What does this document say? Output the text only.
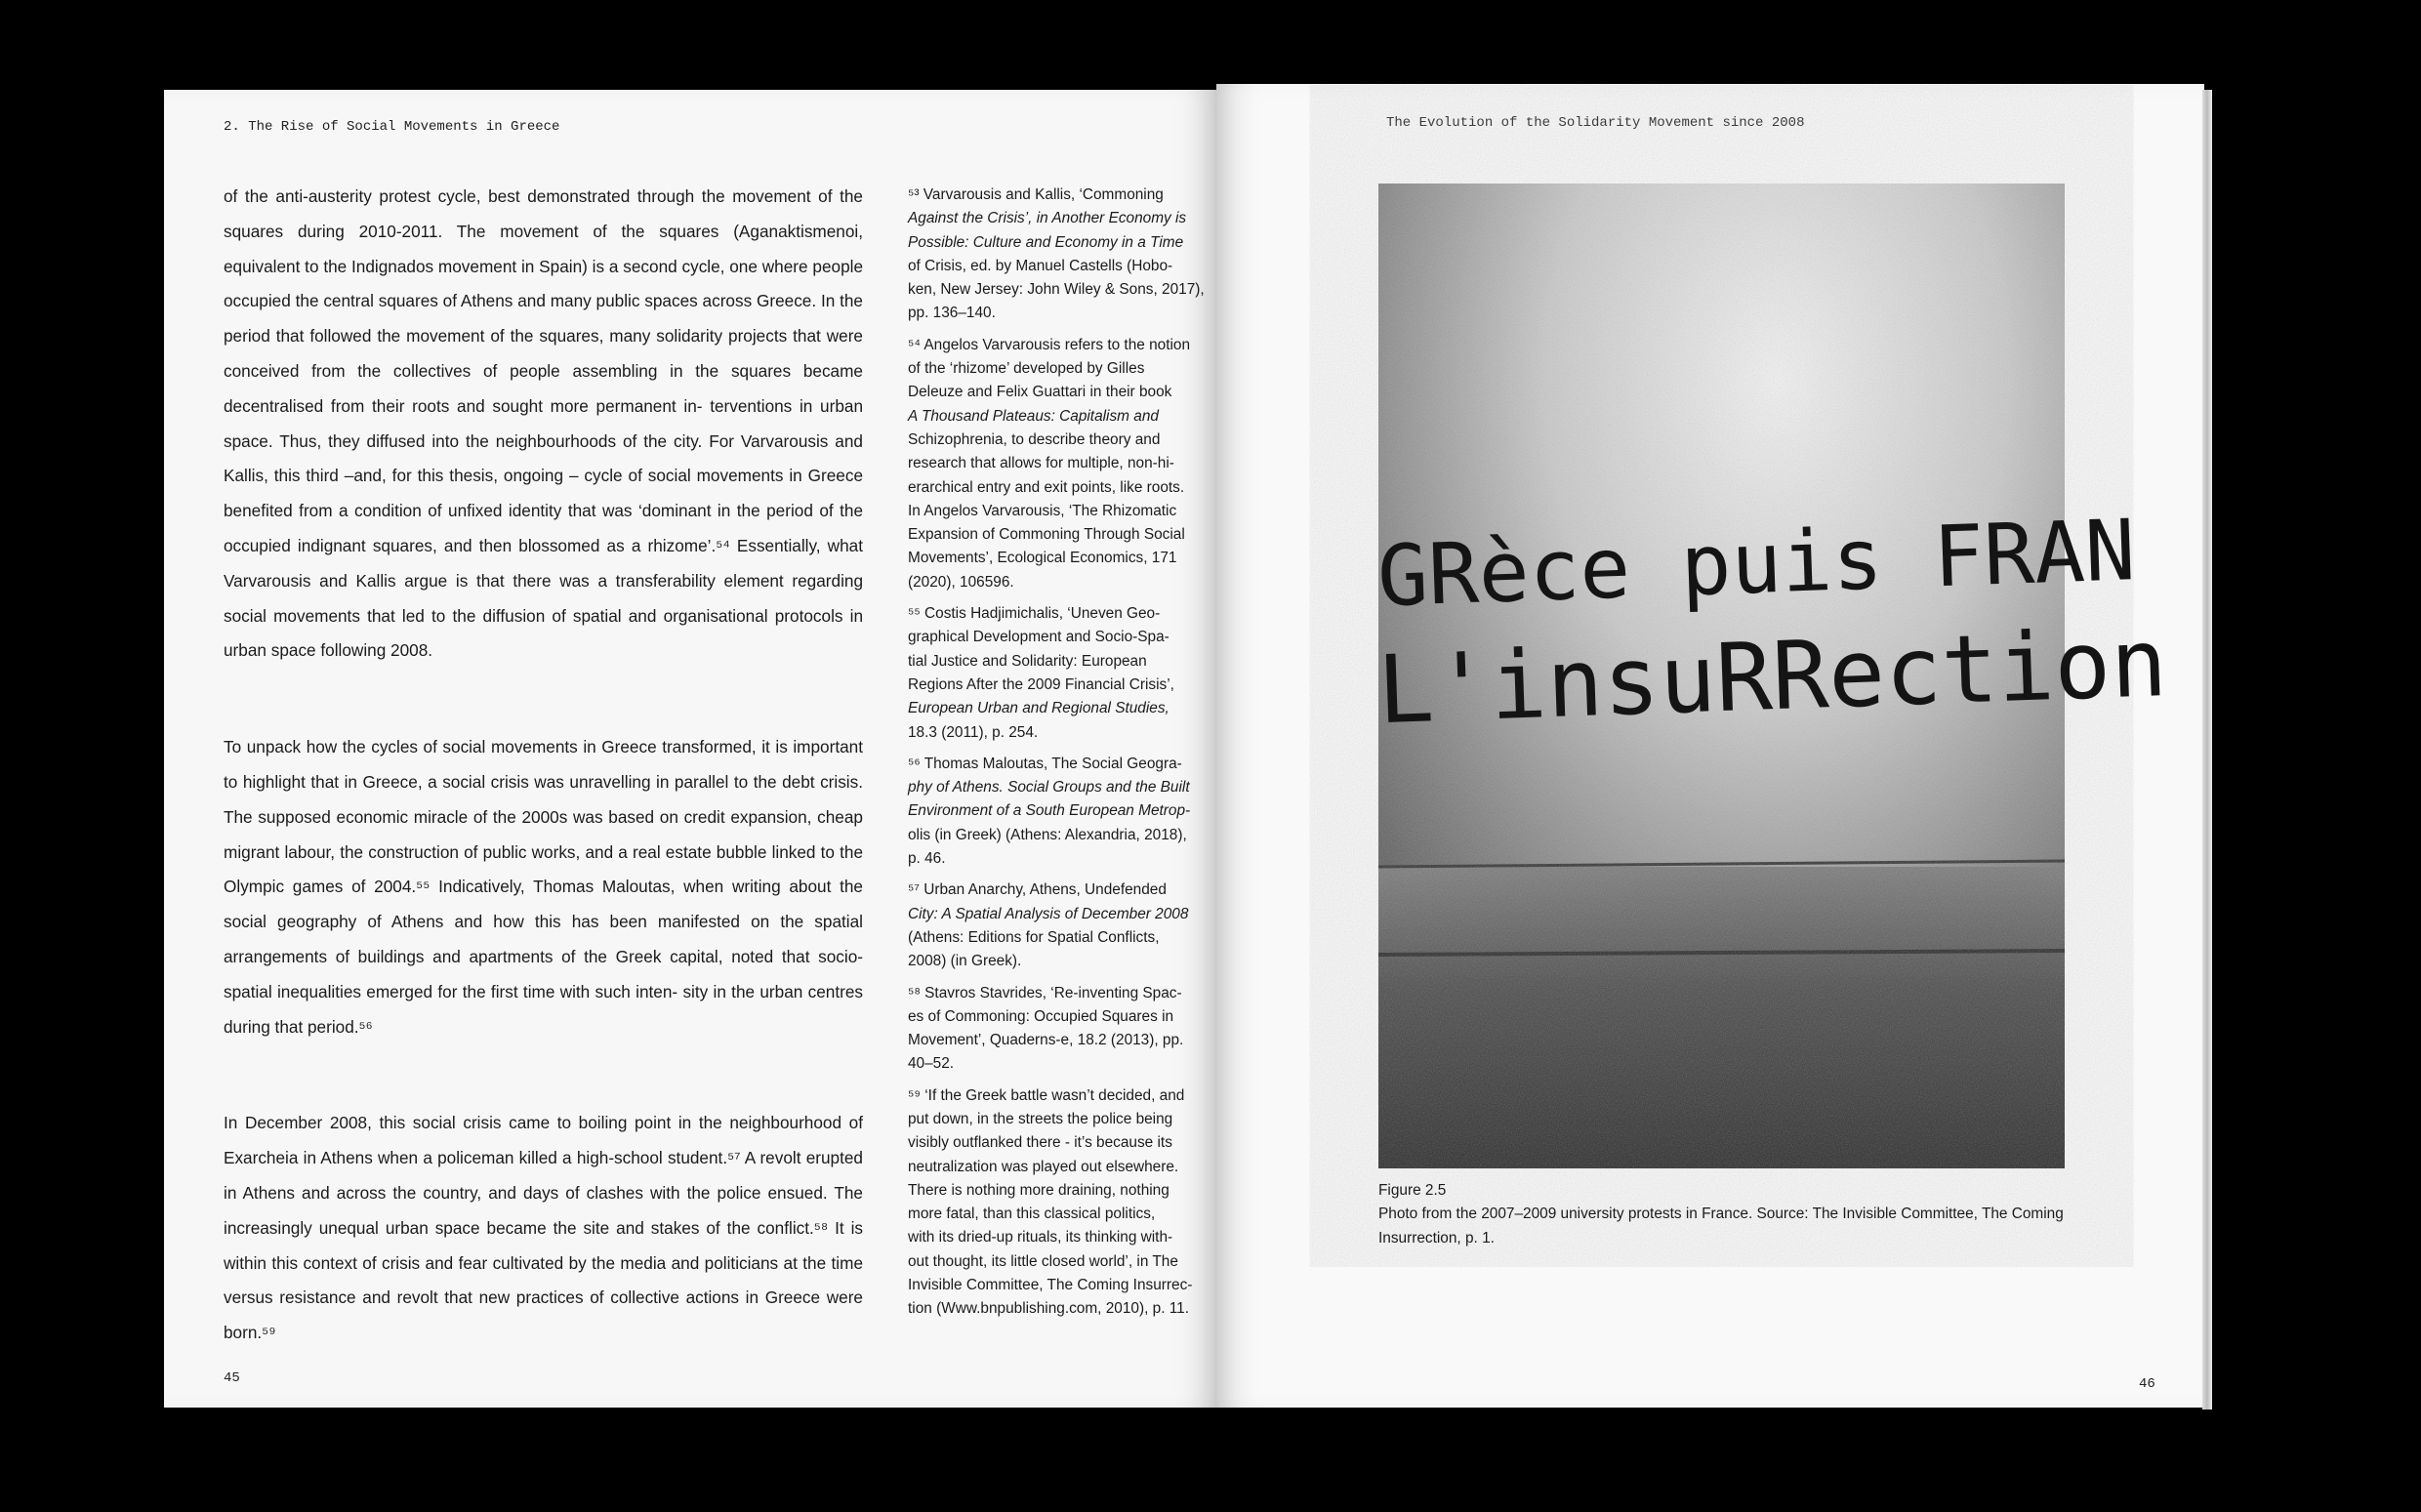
2. The Rise of Social Movements in Greece

of the anti-austerity protest cycle, best demonstrated through the movement of the squares during 2010-2011. The movement of the squares (Aganaktismenoi, equivalent to the Indignados movement in Spain) is a second cycle, one where people occupied the central squares of Athens and many public spaces across Greece. In the period that followed the movement of the squares, many solidarity projects that were conceived from the collectives of people assembling in the squares became decentralised from their roots and sought more permanent in- terventions in urban space. Thus, they diffused into the neighbourhoods of the city. For Varvarousis and Kallis, this third –and, for this thesis, ongoing – cycle of social movements in Greece benefited from a condition of unfixed identity that was ‘dominant in the period of the occupied indignant squares, and then blossomed as a rhizome’.⁵⁴ Essentially, what Varvarousis and Kallis argue is that there was a transferability element regarding social movements that led to the diffusion of spatial and organisational protocols in urban space following 2008.

To unpack how the cycles of social movements in Greece transformed, it is important to highlight that in Greece, a social crisis was unravelling in parallel to the debt crisis. The supposed economic miracle of the 2000s was based on credit expansion, cheap migrant labour, the construction of public works, and a real estate bubble linked to the Olympic games of 2004.⁵⁵ Indicatively, Thomas Maloutas, when writing about the social geography of Athens and how this has been manifested on the spatial arrangements of buildings and apartments of the Greek capital, noted that socio-spatial inequalities emerged for the first time with such inten- sity in the urban centres during that period.⁵⁶

In December 2008, this social crisis came to boiling point in the neighbourhood of Exarcheia in Athens when a policeman killed a high-school student.⁵⁷ A revolt erupted in Athens and across the country, and days of clashes with the police ensued. The increasingly unequal urban space became the site and stakes of the conflict.⁵⁸ It is within this context of crisis and fear cultivated by the media and politicians at the time versus resistance and revolt that new practices of collective actions in Greece were born.⁵⁹

⁵³ Varvarousis and Kallis, ‘Commoning
Against the Crisis’, in Another Economy is
Possible: Culture and Economy in a Time
of Crisis, ed. by Manuel Castells (Hobo-
ken, New Jersey: John Wiley & Sons, 2017),
pp. 136–140.
⁵⁴ Angelos Varvarousis refers to the notion
of the ‘rhizome’ developed by Gilles
Deleuze and Felix Guattari in their book
A Thousand Plateaus: Capitalism and
Schizophrenia, to describe theory and
research that allows for multiple, non-hi-
erarchical entry and exit points, like roots.
In Angelos Varvarousis, ‘The Rhizomatic
Expansion of Commoning Through Social
Movements’, Ecological Economics, 171
(2020), 106596.
⁵⁵ Costis Hadjimichalis, ‘Uneven Geo-
graphical Development and Socio-Spa-
tial Justice and Solidarity: European
Regions After the 2009 Financial Crisis’,
European Urban and Regional Studies,
18.3 (2011), p. 254.
⁵⁶ Thomas Maloutas, The Social Geogra-
phy of Athens. Social Groups and the Built
Environment of a South European Metrop-
olis (in Greek) (Athens: Alexandria, 2018),
p. 46.
⁵⁷ Urban Anarchy, Athens, Undefended
City: A Spatial Analysis of December 2008
(Athens: Editions for Spatial Conflicts,
2008) (in Greek).
⁵⁸ Stavros Stavrides, ‘Re-inventing Spac-
es of Commoning: Occupied Squares in
Movement’, Quaderns-e, 18.2 (2013), pp.
40–52.
⁵⁹ ‘If the Greek battle wasn’t decided, and
put down, in the streets the police being
visibly outflanked there - it’s because its
neutralization was played out elsewhere.
There is nothing more draining, nothing
more fatal, than this classical politics,
with its dried-up rituals, its thinking with-
out thought, its little closed world’, in The
Invisible Committee, The Coming Insurrec-
tion (Www.bnpublishing.com, 2010), p. 11.
45
The Evolution of the Solidarity Movement since 2008
46
GRèce puis FRAN
L'insuRRection
Figure 2.5
Photo from the 2007–2009 university protests in France. Source: The Invisible Committee, The Coming
Insurrection, p. 1.
